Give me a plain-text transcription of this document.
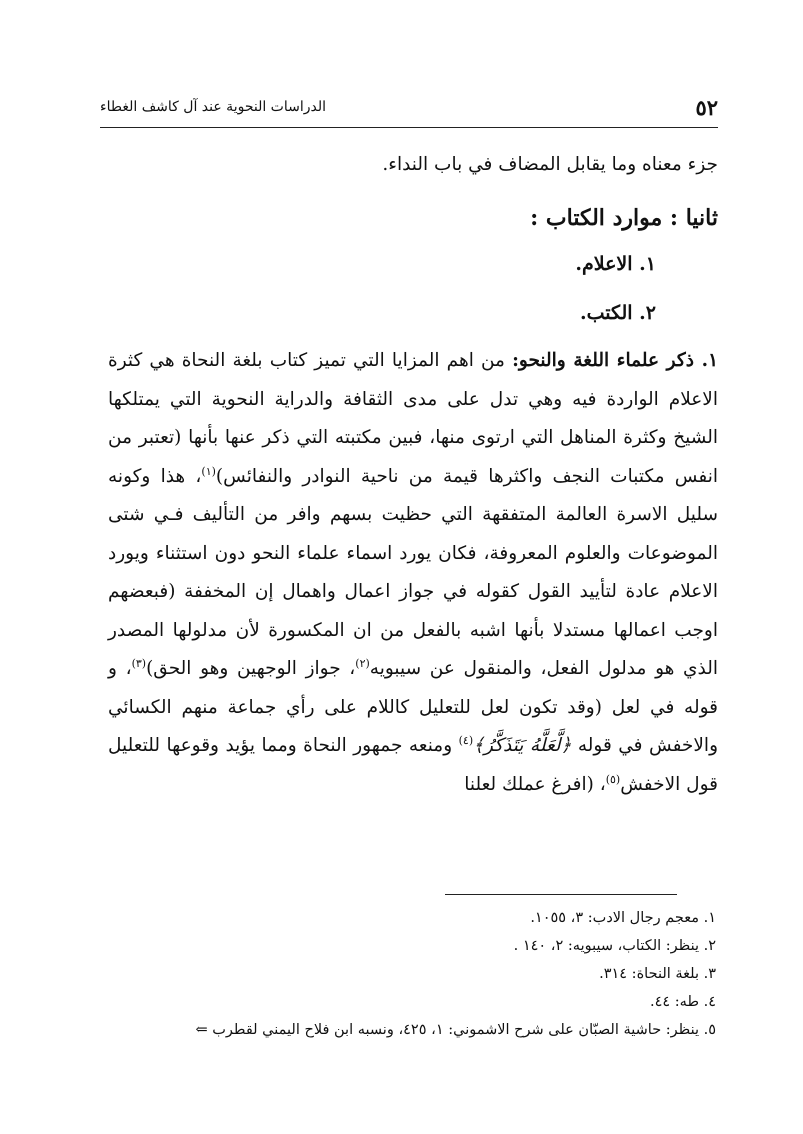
٥٢
الدراسات النحوية عند آل كاشف الغطاء

جزء معناه وما يقابل المضاف في باب النداء.

ثانيا : موارد الكتاب :

١. الاعلام.

٢. الكتب.

١. ذكر علماء اللغة والنحو: من اهم المزايا التي تميز كتاب بلغة النحاة هي كثرة الاعلام الواردة فيه وهي تدل على مدى الثقافة والدراية النحوية التي يمتلكها الشيخ وكثرة المناهل التي ارتوى منها، فبين مكتبته التي ذكر عنها بأنها (تعتبر من انفس مكتبات النجف واكثرها قيمة من ناحية النوادر والنفائس)$^{(١)}$، هذا وكونه سليل الاسرة العالمة المتفقهة التي حظيت بسهم وافر من التأليف فـي شتى الموضوعات والعلوم المعروفة، فكان يورد اسماء علماء النحو دون استثناء ويورد الاعلام عادة لتأييد القول كقوله في جواز اعمال واهمال إن المخففة (فبعضهم اوجب اعمالها مستدلا بأنها اشبه بالفعل من ان المكسورة لأن مدلولها المصدر الذي هو مدلول الفعل، والمنقول عن سيبويه$^{(٢)}$، جواز الوجهين وهو الحق)$^{(٣)}$، و قوله في لعل (وقد تكون لعل للتعليل كاللام على رأي جماعة منهم الكسائي والاخفش في قوله ﴿لَّعَلَّهُ يَتَذَكَّرُ﴾$^{(٤)}$ ومنعه جمهور النحاة ومما يؤيد وقوعها للتعليل قول الاخفش$^{(٥)}$، (افرغ عملك لعلنا

١. معجم رجال الادب: ٣، ١٠٥٥.

٢. ينظر: الكتاب، سيبويه: ٢، ١٤٠ .

٣. بلغة النحاة: ٣١٤.

٤. طه: ٤٤.

٥. ينظر: حاشية الصبّان على شرح الاشموني: ١، ٤٢٥، ونسبه ابن فلاح اليمني لقطرب ⇐
